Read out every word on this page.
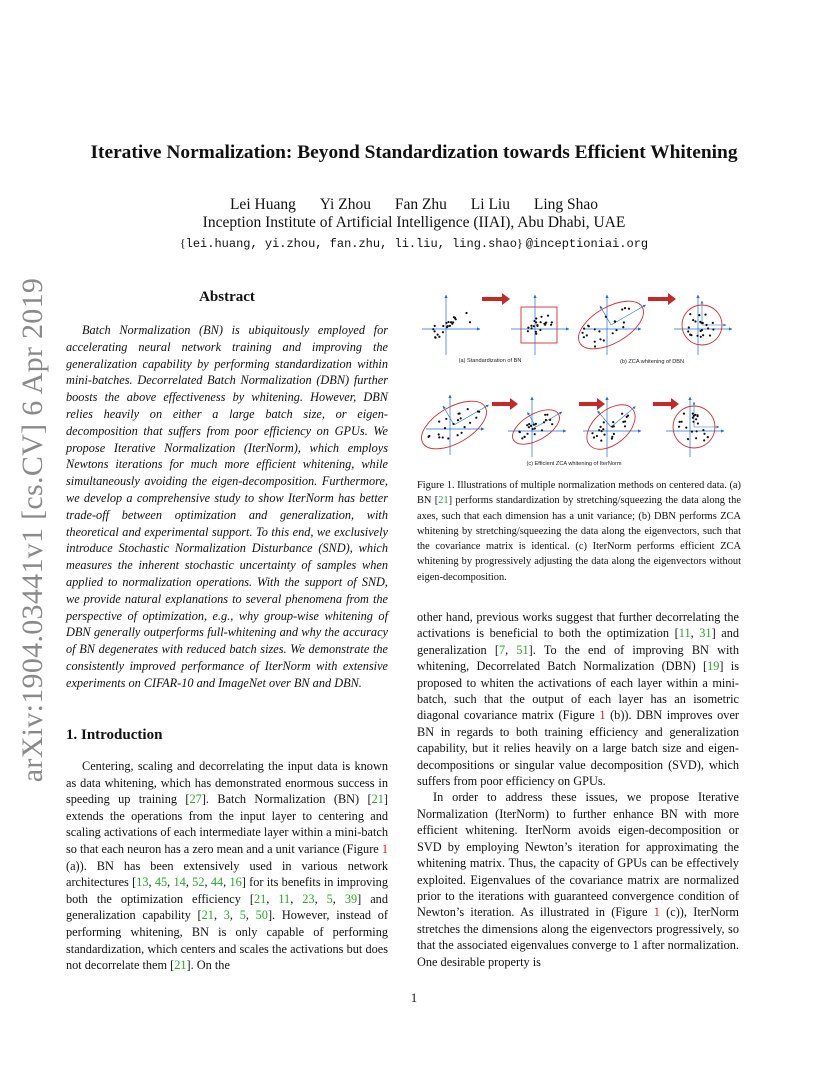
arXiv:1904.03441v1 [cs.CV] 6 Apr 2019
Iterative Normalization: Beyond Standardization towards Efficient Whitening
Lei Huang Yi Zhou Fan Zhu Li Liu Ling Shao
Inception Institute of Artificial Intelligence (IIAI), Abu Dhabi, UAE
{lei.huang, yi.zhou, fan.zhu, li.liu, ling.shao} @inceptioniai.org
Abstract

Batch Normalization (BN) is ubiquitously employed for accelerating neural network training and improving the generalization capability by performing standardization within mini-batches. Decorrelated Batch Normalization (DBN) further boosts the above effectiveness by whitening. However, DBN relies heavily on either a large batch size, or eigen-decomposition that suffers from poor efficiency on GPUs. We propose Iterative Normalization (IterNorm), which employs Newtons iterations for much more efficient whitening, while simultaneously avoiding the eigen-decomposition. Furthermore, we develop a comprehensive study to show IterNorm has better trade-off between optimization and generalization, with theoretical and experimental support. To this end, we exclusively introduce Stochastic Normalization Disturbance (SND), which measures the inherent stochastic uncertainty of samples when applied to normalization operations. With the support of SND, we provide natural explanations to several phenomena from the perspective of optimization, e.g., why group-wise whitening of DBN generally outperforms full-whitening and why the accuracy of BN degenerates with reduced batch sizes. We demonstrate the consistently improved performance of IterNorm with extensive experiments on CIFAR-10 and ImageNet over BN and DBN.

1. Introduction

Centering, scaling and decorrelating the input data is known as data whitening, which has demonstrated enormous success in speeding up training [27]. Batch Normalization (BN) [21] extends the operations from the input layer to centering and scaling activations of each intermediate layer within a mini-batch so that each neuron has a zero mean and a unit variance (Figure 1 (a)). BN has been extensively used in various network architectures [13, 45, 14, 52, 44, 16] for its benefits in improving both the optimization efficiency [21, 11, 23, 5, 39] and generalization capability [21, 3, 5, 50]. However, instead of performing whitening, BN is only capable of performing standardization, which centers and scales the activations but does not decorrelate them [21]. On the

(a) Standardization of BN	(b) ZCA whitening of DBN
(c) Efficient ZCA whitening of IterNorm

Figure 1. Illustrations of multiple normalization methods on centered data. (a) BN [21] performs standardization by stretching/squeezing the data along the axes, such that each dimension has a unit variance; (b) DBN performs ZCA whitening by stretching/squeezing the data along the eigenvectors, such that the covariance matrix is identical. (c) IterNorm performs efficient ZCA whitening by progressively adjusting the data along the eigenvectors without eigen-decomposition.

other hand, previous works suggest that further decorrelating the activations is beneficial to both the optimization [11, 31] and generalization [7, 51]. To the end of improving BN with whitening, Decorrelated Batch Normalization (DBN) [19] is proposed to whiten the activations of each layer within a mini-batch, such that the output of each layer has an isometric diagonal covariance matrix (Figure 1 (b)). DBN improves over BN in regards to both training efficiency and generalization capability, but it relies heavily on a large batch size and eigen-decompositions or singular value decomposition (SVD), which suffers from poor efficiency on GPUs.

In order to address these issues, we propose Iterative Normalization (IterNorm) to further enhance BN with more efficient whitening. IterNorm avoids eigen-decomposition or SVD by employing Newton’s iteration for approximating the whitening matrix. Thus, the capacity of GPUs can be effectively exploited. Eigenvalues of the covariance matrix are normalized prior to the iterations with guaranteed convergence condition of Newton’s iteration. As illustrated in (Figure 1 (c)), IterNorm stretches the dimensions along the eigenvectors progressively, so that the associated eigenvalues converge to 1 after normalization. One desirable property is

1
